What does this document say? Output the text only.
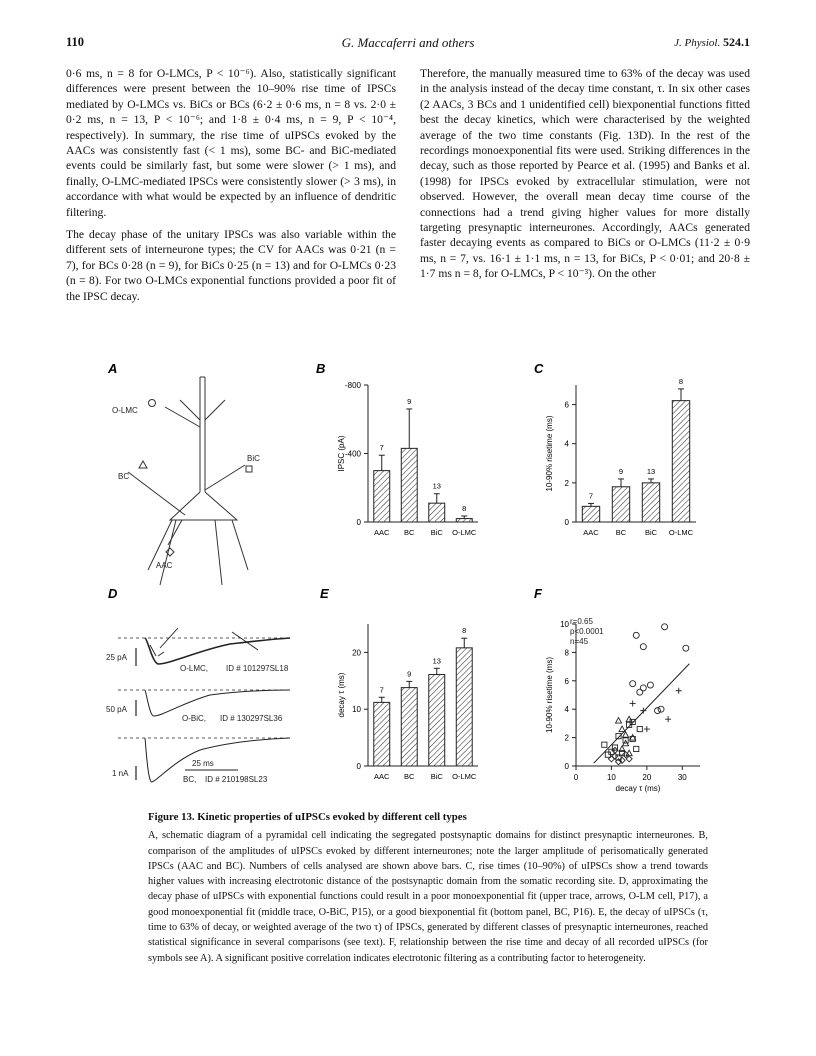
110	G. Maccaferri and others	J. Physiol. 524.1

0·6 ms, n = 8 for O-LMCs, P < 10⁻⁶). Also, statistically significant differences were present between the 10–90% rise time of IPSCs mediated by O-LMCs vs. BiCs or BCs (6·2 ± 0·6 ms, n = 8 vs. 2·0 ± 0·2 ms, n = 13, P < 10⁻⁶; and 1·8 ± 0·4 ms, n = 9, P < 10⁻⁴, respectively). In summary, the rise time of uIPSCs evoked by the AACs was consistently fast (< 1 ms), some BC- and BiC-mediated events could be similarly fast, but some were slower (> 1 ms), and finally, O-LMC-mediated IPSCs were consistently slower (> 3 ms), in accordance with what would be expected by an influence of dendritic filtering.

The decay phase of the unitary IPSCs was also variable within the different sets of interneurone types; the CV for AACs was 0·21 (n = 7), for BCs 0·28 (n = 9), for BiCs 0·25 (n = 13) and for O-LMCs 0·23 (n = 8). For two O-LMCs exponential functions provided a poor fit of the IPSC decay.

Therefore, the manually measured time to 63% of the decay was used in the analysis instead of the decay time constant, τ. In six other cases (2 AACs, 3 BCs and 1 unidentified cell) biexponential functions fitted best the decay kinetics, which were characterised by the weighted average of the two time constants (Fig. 13D). In the rest of the recordings monoexponential fits were used. Striking differences in the decay, such as those reported by Pearce et al. (1995) and Banks et al. (1998) for IPSCs evoked by extracellular stimulation, were not observed. However, the overall mean decay time course of the connections had a trend giving higher values for more distally targeting presynaptic interneurones. Accordingly, AACs generated faster decaying events as compared to BiCs or O-LMCs (11·2 ± 0·9 ms, n = 7, vs. 16·1 ± 1·1 ms, n = 13, for BiCs, P < 0·01; and 20·8 ± 1·7 ms n = 8, for O-LMCs, P < 10⁻³). On the other

A	B	C
D	E	F
O-LMC
BiC
BC
AAC
25 pA
50 pA
1 nA
O-LMC, ID # 101297SL18
O-BiC, ID # 130297SL36
BC, ID # 210198SL23
25 ms
-800
-400
0
IPSC (pA)	7
AAC
9
BC
13
BiC
8
O-LMC
0
2
4
6
10-90% risetime (ms)
7
AAC
9
BC
13
BiC
8
O-LMC
0
10
20
decay τ (ms)	7
AAC
9
BC
13
BiC
8
O-LMC
0
2
4
6
8
10
10-90% risetime (ms)
0	10	20	30
decay τ (ms)
r=0.65
p<0.0001
n=45
Figure 13. Kinetic properties of uIPSCs evoked by different cell types
A, schematic diagram of a pyramidal cell indicating the segregated postsynaptic domains for distinct presynaptic interneurones. B, comparison of the amplitudes of uIPSCs evoked by different interneurones; note the larger amplitude of perisomatically generated IPSCs (AAC and BC). Numbers of cells analysed are shown above bars. C, rise times (10–90%) of uIPSCs show a trend towards higher values with increasing electrotonic distance of the postsynaptic domain from the somatic recording site. D, approximating the decay phase of uIPSCs with exponential functions could result in a poor monoexponential fit (upper trace, arrows, O-LM cell, P17), a good monoexponential fit (middle trace, O-BiC, P15), or a good biexponential fit (bottom panel, BC, P16). E, the decay of uIPSCs (τ, time to 63% of decay, or weighted average of the two τ) of IPSCs, generated by different classes of presynaptic interneurones, reached statistical significance in several comparisons (see text). F, relationship between the rise time and decay of all recorded uIPSCs (for symbols see A). A significant positive correlation indicates electrotonic filtering as a contributing factor to heterogeneity.
